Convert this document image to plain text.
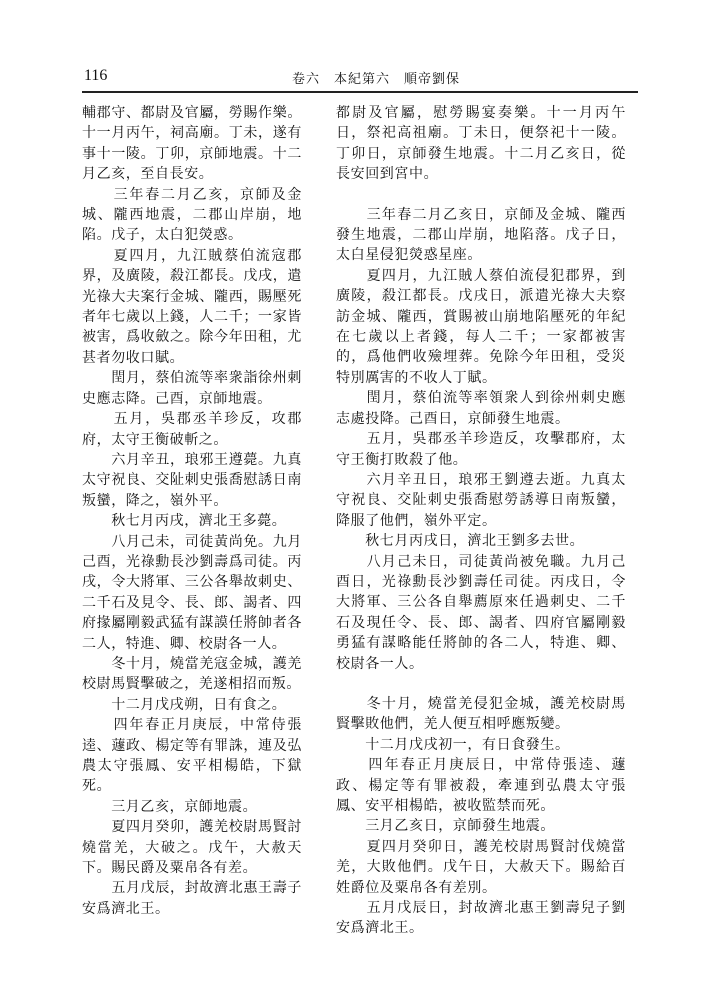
116	卷六　本紀第六　順帝劉保

輔郡守、都尉及官屬，勞賜作樂。十一月丙午，祠高廟。丁未，遂有事十一陵。丁卯，京師地震。十二月乙亥，至自長安。

　　三年春二月乙亥，京師及金城、隴西地震，二郡山岸崩，地陷。戊子，太白犯熒惑。

　　夏四月，九江賊蔡伯流寇郡界，及廣陵，殺江都長。戊戌，遣光祿大夫案行金城、隴西，賜壓死者年七歲以上錢，人二千；一家皆被害，爲收斂之。除今年田租，尤甚者勿收口賦。

　　閏月，蔡伯流等率衆詣徐州刺史應志降。己酉，京師地震。

　　五月，吳郡丞羊珍反，攻郡府，太守王衡破斬之。

　　六月辛丑，琅邪王遵薨。九真太守祝良、交阯刺史張喬慰誘日南叛蠻，降之，嶺外平。

　　秋七月丙戌，濟北王多薨。

　　八月己未，司徒黃尚免。九月己酉，光祿勳長沙劉壽爲司徒。丙戌，令大將軍、三公各舉故刺史、二千石及見令、長、郎、謁者、四府掾屬剛毅武猛有謀謨任將帥者各二人，特進、卿、校尉各一人。

　　冬十月，燒當羌寇金城，護羌校尉馬賢擊破之，羌遂相招而叛。

　　十二月戊戌朔，日有食之。

　　四年春正月庚辰，中常侍張逵、蘧政、楊定等有罪誅，連及弘農太守張鳳、安平相楊皓，下獄死。

　　三月乙亥，京師地震。

　　夏四月癸卯，護羌校尉馬賢討燒當羌，大破之。戊午，大赦天下。賜民爵及粟帛各有差。

　　五月戊辰，封故濟北惠王壽子安爲濟北王。

都尉及官屬，慰勞賜宴奏樂。十一月丙午日，祭祀高祖廟。丁未日，便祭祀十一陵。丁卯日，京師發生地震。十二月乙亥日，從長安回到宮中。

　　三年春二月乙亥日，京師及金城、隴西發生地震，二郡山岸崩，地陷落。戊子日，太白星侵犯熒惑星座。

　　夏四月，九江賊人蔡伯流侵犯郡界，到廣陵，殺江都長。戊戌日，派遣光祿大夫察訪金城、隴西，賞賜被山崩地陷壓死的年紀在七歲以上者錢，每人二千；一家都被害的，爲他們收殮埋葬。免除今年田租，受災特別厲害的不收人丁賦。

　　閏月，蔡伯流等率領衆人到徐州刺史應志處投降。己酉日，京師發生地震。

　　五月，吳郡丞羊珍造反，攻擊郡府，太守王衡打敗殺了他。

　　六月辛丑日，琅邪王劉遵去逝。九真太守祝良、交阯刺史張喬慰勞誘導日南叛蠻，降服了他們，嶺外平定。

　　秋七月丙戌日，濟北王劉多去世。

　　八月己未日，司徒黃尚被免職。九月己酉日，光祿勳長沙劉壽任司徒。丙戌日，令大將軍、三公各自舉薦原來任過刺史、二千石及現任令、長、郎、謁者、四府官屬剛毅勇猛有謀略能任將帥的各二人，特進、卿、校尉各一人。

　　冬十月，燒當羌侵犯金城，護羌校尉馬賢擊敗他們，羌人便互相呼應叛變。

　　十二月戊戌初一，有日食發生。

　　四年春正月庚辰日，中常侍張逵、蘧政、楊定等有罪被殺，牽連到弘農太守張鳳、安平相楊皓，被收監禁而死。

　　三月乙亥日，京師發生地震。

　　夏四月癸卯日，護羌校尉馬賢討伐燒當羌，大敗他們。戊午日，大赦天下。賜給百姓爵位及粟帛各有差別。

　　五月戊辰日，封故濟北惠王劉壽兒子劉安爲濟北王。
